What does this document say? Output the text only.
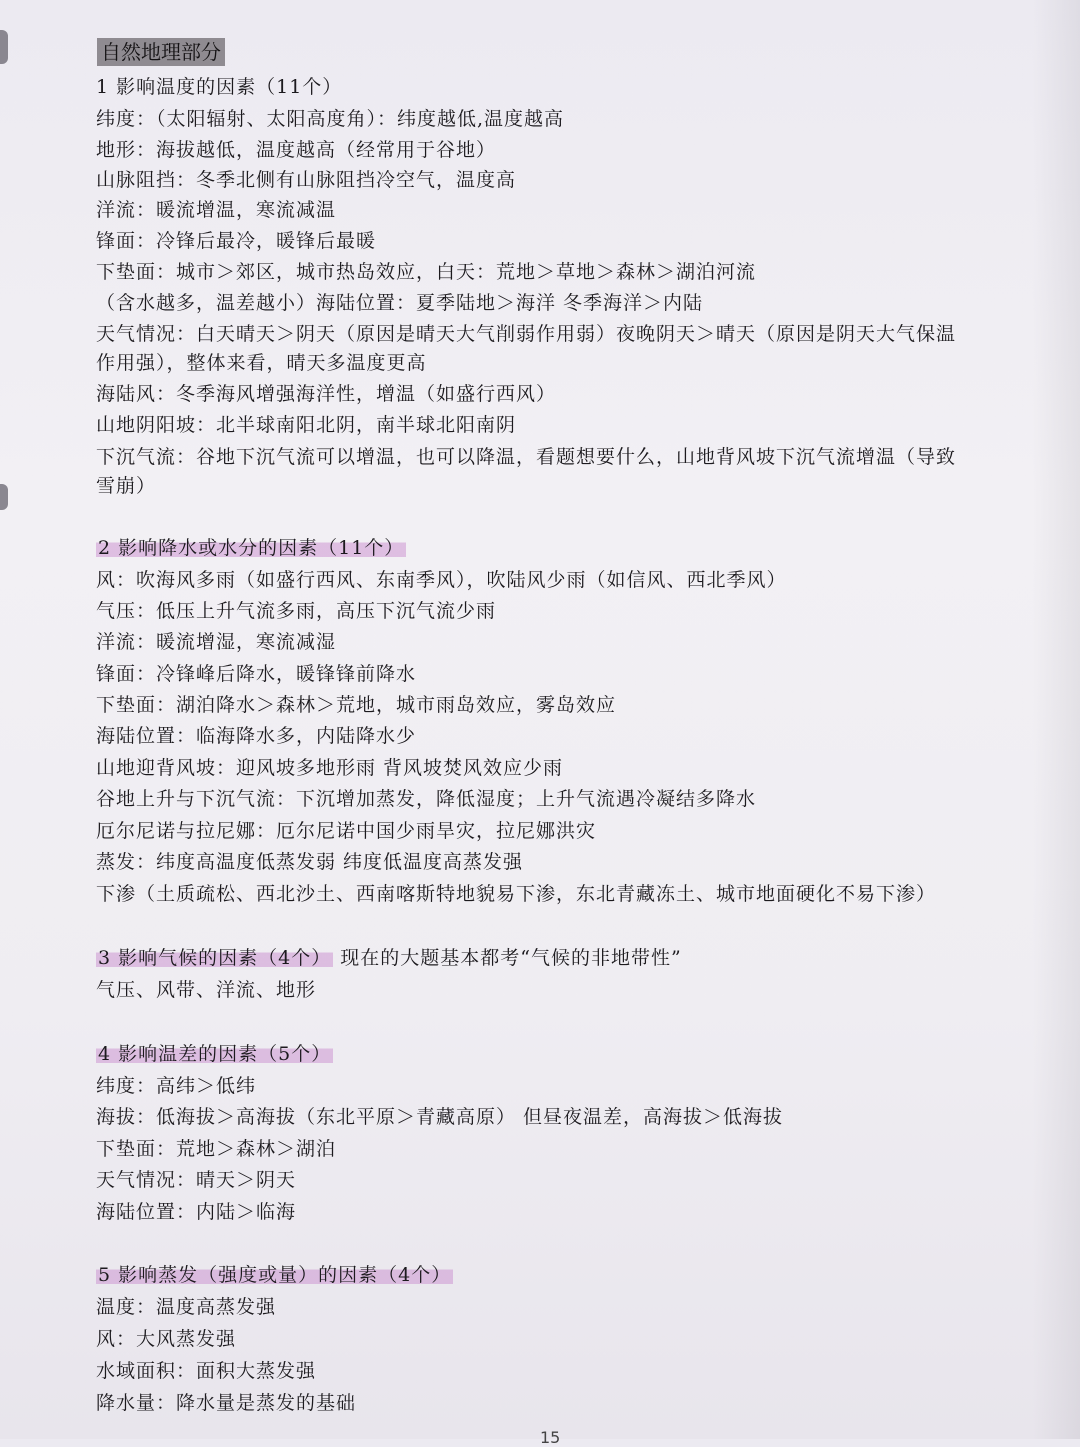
自然地理部分
1 影响温度的因素（11个）
纬度：（太阳辐射、太阳高度角）：纬度越低,温度越高
地形：海拔越低，温度越高（经常用于谷地）
山脉阻挡：冬季北侧有山脉阻挡冷空气，温度高
洋流：暖流增温，寒流减温
锋面：冷锋后最冷，暖锋后最暖
下垫面：城市＞郊区，城市热岛效应，白天：荒地＞草地＞森林＞湖泊河流
（含水越多，温差越小）海陆位置：夏季陆地＞海洋 冬季海洋＞内陆
天气情况：白天晴天＞阴天（原因是晴天大气削弱作用弱）夜晚阴天＞晴天（原因是阴天大气保温
作用强），整体来看，晴天多温度更高
海陆风：冬季海风增强海洋性，增温（如盛行西风）
山地阴阳坡：北半球南阳北阴，南半球北阳南阴
下沉气流：谷地下沉气流可以增温，也可以降温，看题想要什么，山地背风坡下沉气流增温（导致
雪崩）
2 影响降水或水分的因素（11个）
风：吹海风多雨（如盛行西风、东南季风），吹陆风少雨（如信风、西北季风）
气压：低压上升气流多雨，高压下沉气流少雨
洋流：暖流增湿，寒流减湿
锋面：冷锋峰后降水，暖锋锋前降水
下垫面：湖泊降水＞森林＞荒地，城市雨岛效应，雾岛效应
海陆位置：临海降水多，内陆降水少
山地迎背风坡：迎风坡多地形雨 背风坡焚风效应少雨
谷地上升与下沉气流：下沉增加蒸发，降低湿度；上升气流遇冷凝结多降水
厄尔尼诺与拉尼娜：厄尔尼诺中国少雨旱灾，拉尼娜洪灾
蒸发：纬度高温度低蒸发弱 纬度低温度高蒸发强
下渗（土质疏松、西北沙土、西南喀斯特地貌易下渗，东北青藏冻土、城市地面硬化不易下渗）
3 影响气候的因素（4个） 现在的大题基本都考“气候的非地带性”
气压、风带、洋流、地形
4 影响温差的因素（5个）
纬度：高纬＞低纬
海拔：低海拔＞高海拔（东北平原＞青藏高原） 但昼夜温差，高海拔＞低海拔
下垫面：荒地＞森林＞湖泊
天气情况：晴天＞阴天
海陆位置：内陆＞临海
5 影响蒸发（强度或量）的因素（4个）
温度：温度高蒸发强
风：大风蒸发强
水域面积：面积大蒸发强
降水量：降水量是蒸发的基础
15
